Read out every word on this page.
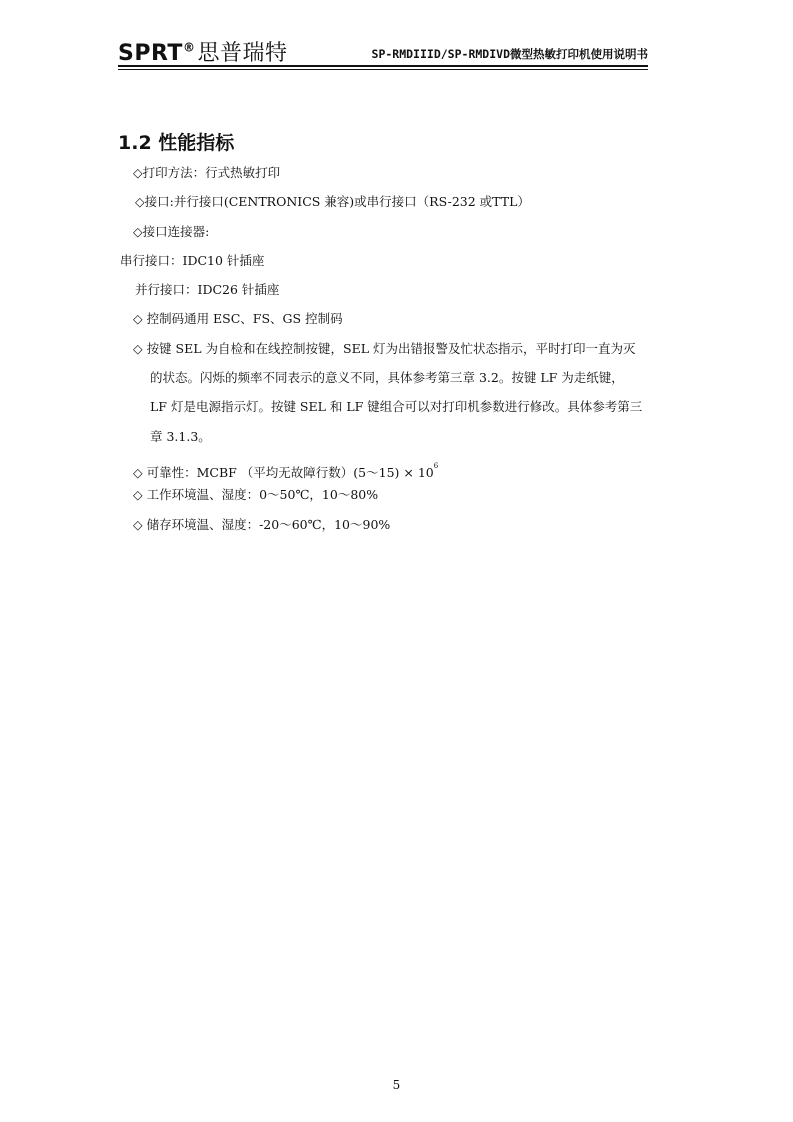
SPRT®思普瑞特	SP-RMDIIID/SP-RMDIVD微型热敏打印机使用说明书
1.2 性能指标
◇打印方法：行式热敏打印
◇接口:并行接口(CENTRONICS 兼容)或串行接口（RS-232 或TTL）
◇接口连接器:
串行接口：IDC10 针插座
并行接口：IDC26 针插座
◇ 控制码通用 ESC、FS、GS 控制码
◇ 按键 SEL 为自检和在线控制按键，SEL 灯为出错报警及忙状态指示，平时打印一直为灭
的状态。闪烁的频率不同表示的意义不同，具体参考第三章 3.2。按键 LF 为走纸键，
LF 灯是电源指示灯。按键 SEL 和 LF 键组合可以对打印机参数进行修改。具体参考第三
章 3.1.3。
◇ 可靠性：MCBF （平均无故障行数）(5～15) × $10^6$
◇ 工作环境温、湿度：0～50℃，10～80%
◇ 储存环境温、湿度：-20～60℃，10～90%
5
